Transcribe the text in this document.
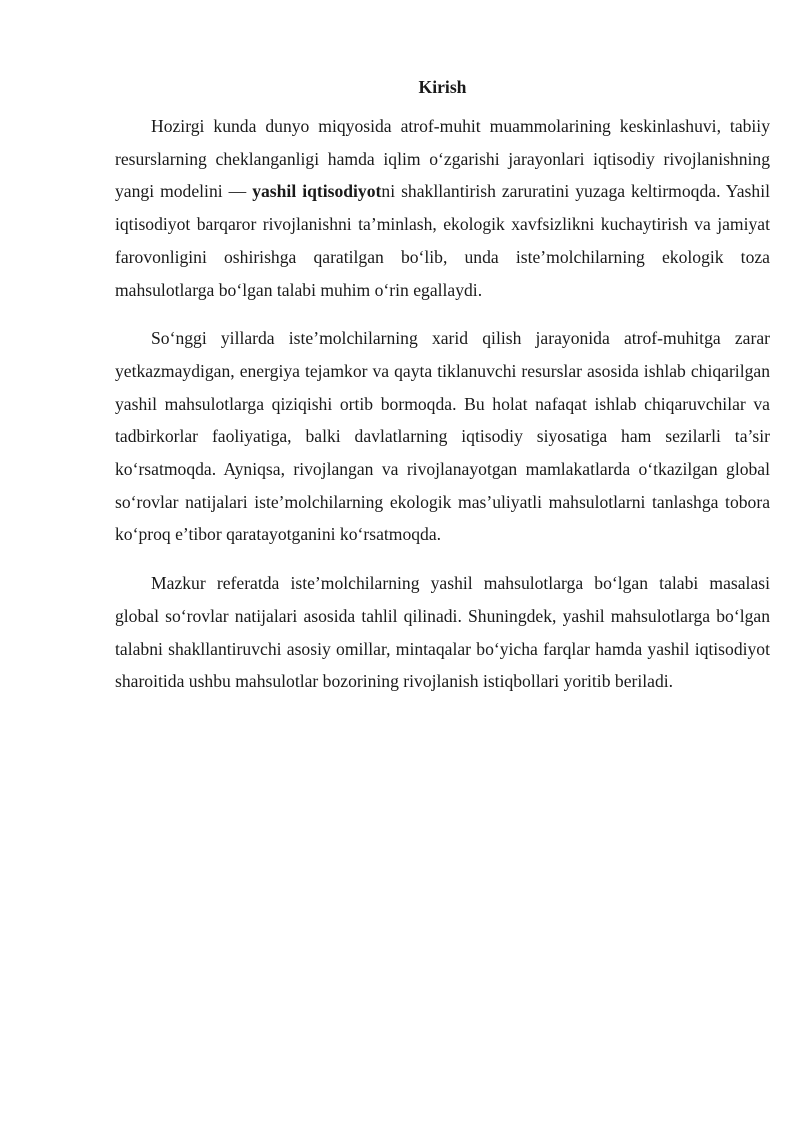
Kirish

Hozirgi kunda dunyo miqyosida atrof-muhit muammolarining keskinlashuvi, tabiiy resurslarning cheklanganligi hamda iqlim o‘zgarishi jarayonlari iqtisodiy rivojlanishning yangi modelini — yashil iqtisodiyotni shakllantirish zaruratini yuzaga keltirmoqda. Yashil iqtisodiyot barqaror rivojlanishni ta’minlash, ekologik xavfsizlikni kuchaytirish va jamiyat farovonligini oshirishga qaratilgan bo‘lib, unda iste’molchilarning ekologik toza mahsulotlarga bo‘lgan talabi muhim o‘rin egallaydi.

So‘nggi yillarda iste’molchilarning xarid qilish jarayonida atrof-muhitga zarar yetkazmaydigan, energiya tejamkor va qayta tiklanuvchi resurslar asosida ishlab chiqarilgan yashil mahsulotlarga qiziqishi ortib bormoqda. Bu holat nafaqat ishlab chiqaruvchilar va tadbirkorlar faoliyatiga, balki davlatlarning iqtisodiy siyosatiga ham sezilarli ta’sir ko‘rsatmoqda. Ayniqsa, rivojlangan va rivojlanayotgan mamlakatlarda o‘tkazilgan global so‘rovlar natijalari iste’molchilarning ekologik mas’uliyatli mahsulotlarni tanlashga tobora ko‘proq e’tibor qaratayotganini ko‘rsatmoqda.

Mazkur referatda iste’molchilarning yashil mahsulotlarga bo‘lgan talabi masalasi global so‘rovlar natijalari asosida tahlil qilinadi. Shuningdek, yashil mahsulotlarga bo‘lgan talabni shakllantiruvchi asosiy omillar, mintaqalar bo‘yicha farqlar hamda yashil iqtisodiyot sharoitida ushbu mahsulotlar bozorining rivojlanish istiqbollari yoritib beriladi.
